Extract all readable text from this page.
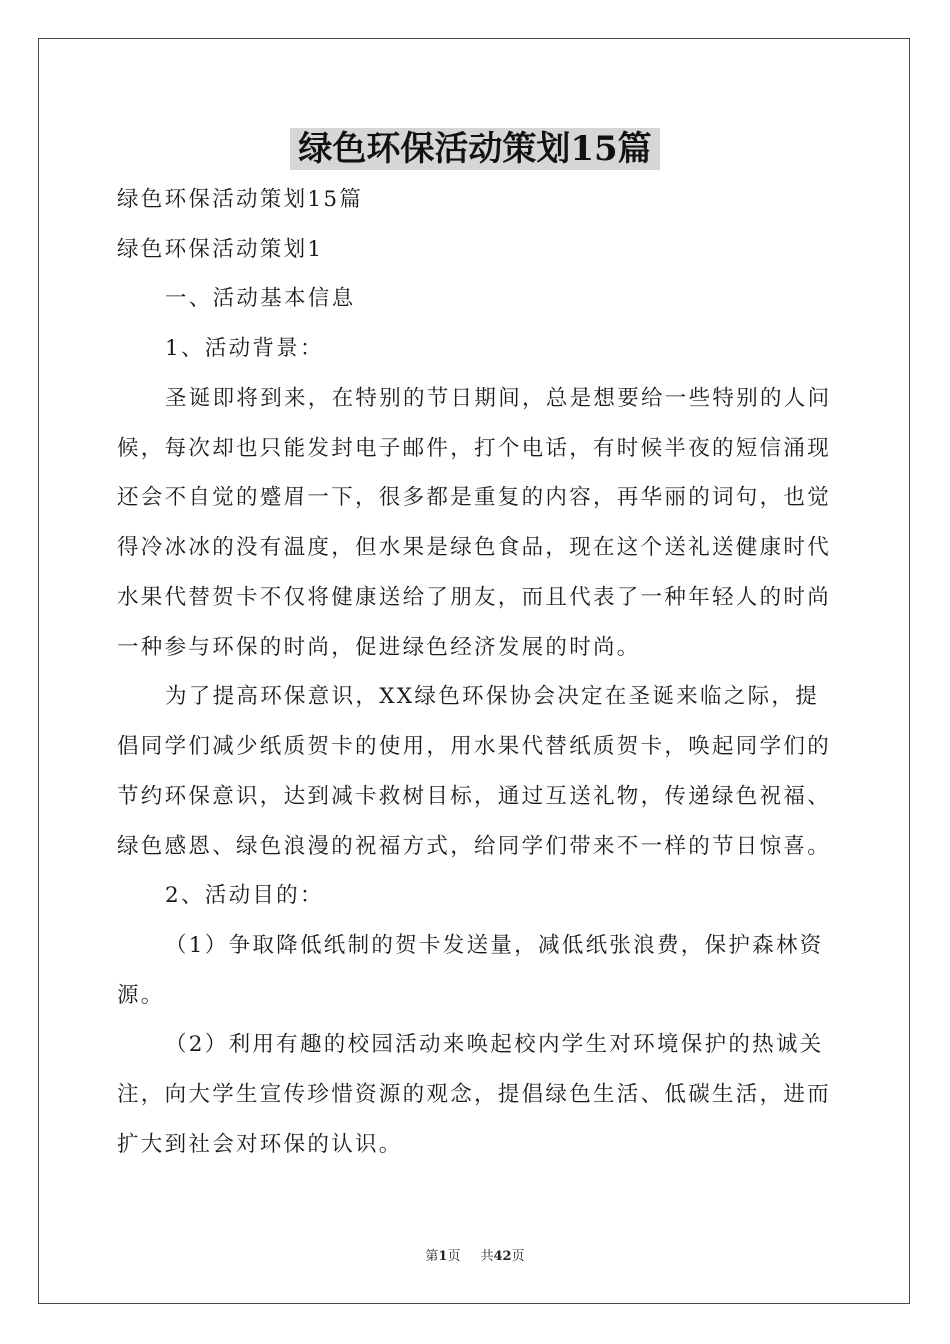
绿色环保活动策划15篇
绿色环保活动策划15篇
绿色环保活动策划1
一、活动基本信息
1、活动背景：
圣诞即将到来，在特别的节日期间，总是想要给一些特别的人问
候，每次却也只能发封电子邮件，打个电话，有时候半夜的短信涌现
还会不自觉的蹙眉一下，很多都是重复的内容，再华丽的词句，也觉
得冷冰冰的没有温度，但水果是绿色食品，现在这个送礼送健康时代
水果代替贺卡不仅将健康送给了朋友，而且代表了一种年轻人的时尚
一种参与环保的时尚，促进绿色经济发展的时尚。
为了提高环保意识，XX绿色环保协会决定在圣诞来临之际，提
倡同学们减少纸质贺卡的使用，用水果代替纸质贺卡，唤起同学们的
节约环保意识，达到减卡救树目标，通过互送礼物，传递绿色祝福、
绿色感恩、绿色浪漫的祝福方式，给同学们带来不一样的节日惊喜。
2、活动目的：
（1）争取降低纸制的贺卡发送量，减低纸张浪费，保护森林资
源。
（2）利用有趣的校园活动来唤起校内学生对环境保护的热诚关
注，向大学生宣传珍惜资源的观念，提倡绿色生活、低碳生活，进而
扩大到社会对环保的认识。
第1页 共42页
